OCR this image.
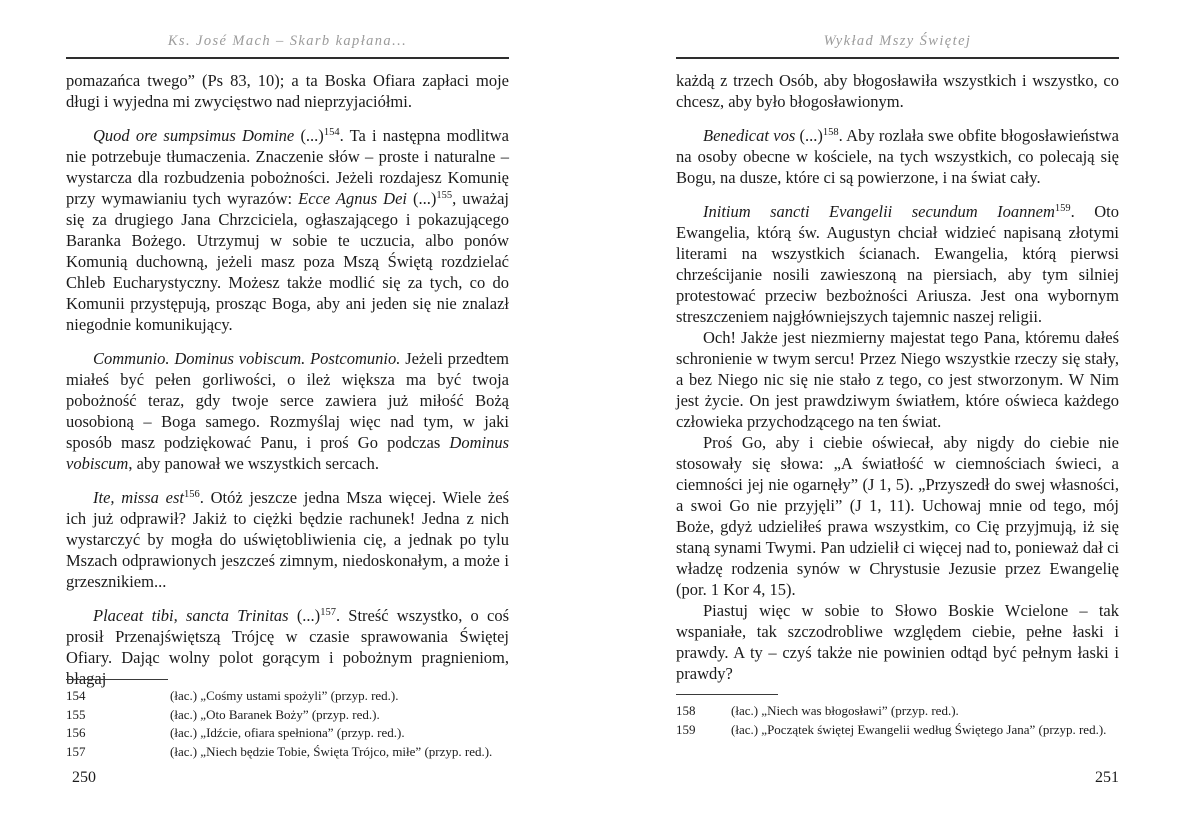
Ks. José Mach – Skarb kapłana...

pomazańca twego” (Ps 83, 10); a ta Boska Ofiara zapłaci moje długi i wyjedna mi zwycięstwo nad nieprzyjaciółmi.

Quod ore sumpsimus Domine (...)$^{154}$. Ta i następna modlitwa nie potrzebuje tłumaczenia. Znaczenie słów – proste i naturalne – wystarcza dla rozbudzenia pobożności. Jeżeli rozdajesz Komunię przy wymawianiu tych wyrazów: Ecce Agnus Dei (...)$^{155}$, uważaj się za drugiego Jana Chrzciciela, ogłaszającego i pokazującego Baranka Bożego. Utrzymuj w sobie te uczucia, albo ponów Komunią duchowną, jeżeli masz poza Mszą Świętą rozdzielać Chleb Eucharystyczny. Możesz także modlić się za tych, co do Komunii przystępują, prosząc Boga, aby ani jeden się nie znalazł niegodnie komunikujący.

Communio. Dominus vobiscum. Postcomunio. Jeżeli przedtem miałeś być pełen gorliwości, o ileż większa ma być twoja pobożność teraz, gdy twoje serce zawiera już miłość Bożą uosobioną – Boga samego. Rozmyślaj więc nad tym, w jaki sposób masz podziękować Panu, i proś Go podczas Dominus vobiscum, aby panował we wszystkich sercach.

Ite, missa est$^{156}$. Otóż jeszcze jedna Msza więcej. Wiele żeś ich już odprawił? Jakiż to ciężki będzie rachunek! Jedna z nich wystarczyć by mogła do uświętobliwienia cię, a jednak po tylu Mszach odprawionych jeszcześ zimnym, niedoskonałym, a może i grzesznikiem...

Placeat tibi, sancta Trinitas (...)$^{157}$. Streść wszystko, o coś prosił Przenajświętszą Trójcę w czasie sprawowania Świętej Ofiary. Dając wolny polot gorącym i pobożnym pragnieniom, błagaj

154	(łac.) „Cośmy ustami spożyli” (przyp. red.).
155	(łac.) „Oto Baranek Boży” (przyp. red.).
156	(łac.) „Idźcie, ofiara spełniona” (przyp. red.).
157	(łac.) „Niech będzie Tobie, Święta Trójco, miłe” (przyp. red.).
250
Wykład Mszy Świętej

każdą z trzech Osób, aby błogosławiła wszystkich i wszystko, co chcesz, aby było błogosławionym.

Benedicat vos (...)$^{158}$. Aby rozlała swe obfite błogosławieństwa na osoby obecne w kościele, na tych wszystkich, co polecają się Bogu, na dusze, które ci są powierzone, i na świat cały.

Initium sancti Evangelii secundum Ioannem$^{159}$. Oto Ewangelia, którą św. Augustyn chciał widzieć napisaną złotymi literami na wszystkich ścianach. Ewangelia, którą pierwsi chrześcijanie nosili zawieszoną na piersiach, aby tym silniej protestować przeciw bezbożności Ariusza. Jest ona wybornym streszczeniem najgłówniejszych tajemnic naszej religii.

Och! Jakże jest niezmierny majestat tego Pana, któremu dałeś schronienie w twym sercu! Przez Niego wszystkie rzeczy się stały, a bez Niego nic się nie stało z tego, co jest stworzonym. W Nim jest życie. On jest prawdziwym światłem, które oświeca każdego człowieka przychodzącego na ten świat.

Proś Go, aby i ciebie oświecał, aby nigdy do ciebie nie stosowały się słowa: „A światłość w ciemnościach świeci, a ciemności jej nie ogarnęły” (J 1, 5). „Przyszedł do swej własności, a swoi Go nie przyjęli” (J 1, 11). Uchowaj mnie od tego, mój Boże, gdyż udzieliłeś prawa wszystkim, co Cię przyjmują, iż się staną synami Twymi. Pan udzielił ci więcej nad to, ponieważ dał ci władzę rodzenia synów w Chrystusie Jezusie przez Ewangelię (por. 1 Kor 4, 15).

Piastuj więc w sobie to Słowo Boskie Wcielone – tak wspaniałe, tak szczodrobliwe względem ciebie, pełne łaski i prawdy. A ty – czyś także nie powinien odtąd być pełnym łaski i prawdy?

158	(łac.) „Niech was błogosławi” (przyp. red.).
159	(łac.) „Początek świętej Ewangelii według Świętego Jana” (przyp. red.).
251
